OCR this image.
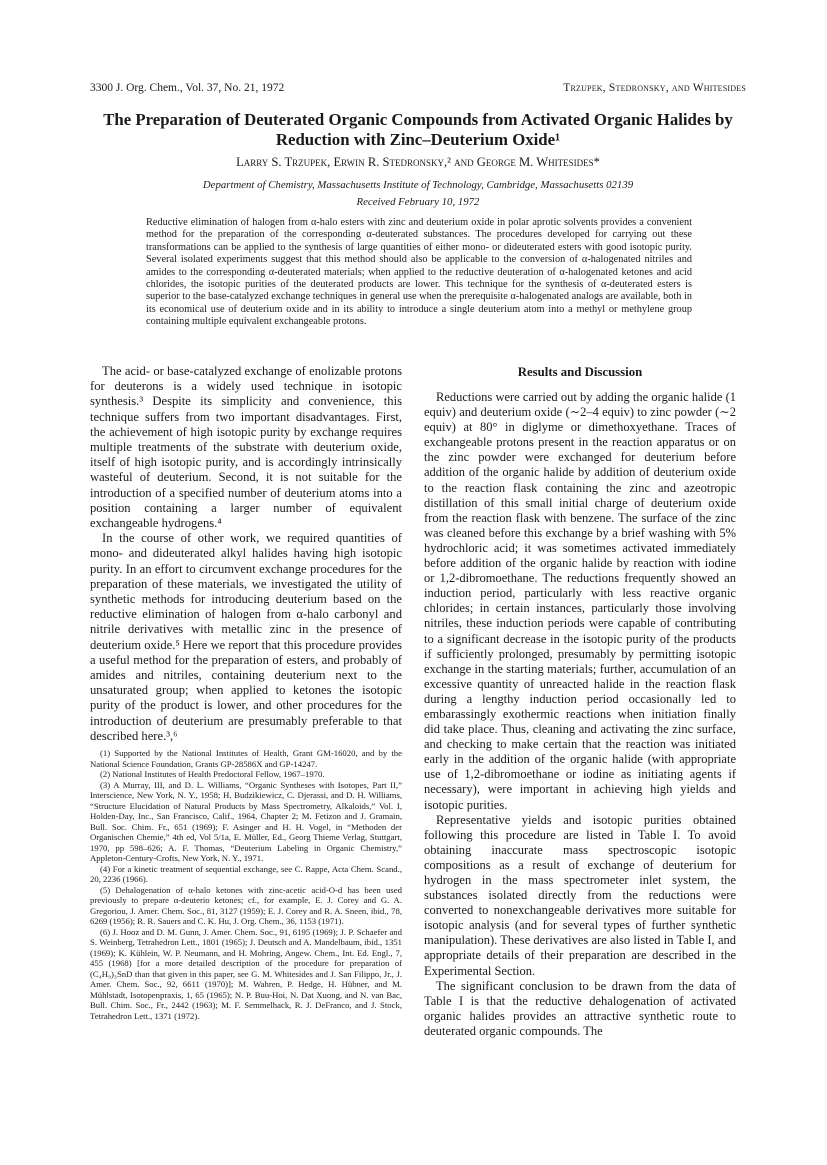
3300 J. Org. Chem., Vol. 37, No. 21, 1972	Trzupek, Stedronsky, and Whitesides
The Preparation of Deuterated Organic Compounds from Activated Organic Halides by Reduction with Zinc–Deuterium Oxide¹
Larry S. Trzupek, Erwin R. Stedronsky,² and George M. Whitesides*
Department of Chemistry, Massachusetts Institute of Technology, Cambridge, Massachusetts 02139
Received February 10, 1972
Reductive elimination of halogen from α-halo esters with zinc and deuterium oxide in polar aprotic solvents provides a convenient method for the preparation of the corresponding α-deuterated substances. The procedures developed for carrying out these transformations can be applied to the synthesis of large quantities of either mono- or dideuterated esters with good isotopic purity. Several isolated experiments suggest that this method should also be applicable to the conversion of α-halogenated nitriles and amides to the corresponding α-deuterated materials; when applied to the reductive deuteration of α-halogenated ketones and acid chlorides, the isotopic purities of the deuterated products are lower. This technique for the synthesis of α-deuterated esters is superior to the base-catalyzed exchange techniques in general use when the prerequisite α-halogenated analogs are available, both in its economical use of deuterium oxide and in its ability to introduce a single deuterium atom into a methyl or methylene group containing multiple equivalent exchangeable protons.

The acid- or base-catalyzed exchange of enolizable protons for deuterons is a widely used technique in isotopic synthesis.³ Despite its simplicity and convenience, this technique suffers from two important disadvantages. First, the achievement of high isotopic purity by exchange requires multiple treatments of the substrate with deuterium oxide, itself of high isotopic purity, and is accordingly intrinsically wasteful of deuterium. Second, it is not suitable for the introduction of a specified number of deuterium atoms into a position containing a larger number of equivalent exchangeable hydrogens.⁴

In the course of other work, we required quantities of mono- and dideuterated alkyl halides having high isotopic purity. In an effort to circumvent exchange procedures for the preparation of these materials, we investigated the utility of synthetic methods for introducing deuterium based on the reductive elimination of halogen from α-halo carbonyl and nitrile derivatives with metallic zinc in the presence of deuterium oxide.⁵ Here we report that this procedure provides a useful method for the preparation of esters, and probably of amides and nitriles, containing deuterium next to the unsaturated group; when applied to ketones the isotopic purity of the product is lower, and other procedures for the introduction of deuterium are presumably preferable to that described here.³,⁶

(1) Supported by the National Institutes of Health, Grant GM-16020, and by the National Science Foundation, Grants GP-28586X and GP-14247.

(2) National Institutes of Health Predoctoral Fellow, 1967–1970.

(3) A Murray, III, and D. L. Williams, “Organic Syntheses with Isotopes, Part II,” Interscience, New York, N. Y., 1958; H. Budzikiewicz, C. Djerassi, and D. H. Williams, “Structure Elucidation of Natural Products by Mass Spectrometry, Alkaloids,” Vol. I, Holden-Day, Inc., San Francisco, Calif., 1964, Chapter 2; M. Fetizon and J. Gramain, Bull. Soc. Chim. Fr., 651 (1969); F. Asinger and H. H. Vogel, in “Methoden der Organischen Chemie,” 4th ed, Vol 5/1a, E. Müller, Ed., Georg Thieme Verlag, Stuttgart, 1970, pp 598–626; A. F. Thomas, “Deuterium Labeling in Organic Chemistry,” Appleton-Century-Crofts, New York, N. Y., 1971.

(4) For a kinetic treatment of sequential exchange, see C. Rappe, Acta Chem. Scand., 20, 2236 (1966).

(5) Dehalogenation of α-halo ketones with zinc-acetic acid-O-d has been used previously to prepare α-deuterio ketones; cf., for example, E. J. Corey and G. A. Gregoriou, J. Amer. Chem. Soc., 81, 3127 (1959); E. J. Corey and R. A. Sneen, ibid., 78, 6269 (1956); R. R. Sauers and C. K. Hu, J. Org. Chem., 36, 1153 (1971).

(6) J. Hooz and D. M. Gunn, J. Amer. Chem. Soc., 91, 6195 (1969); J. P. Schaefer and S. Weinberg, Tetrahedron Lett., 1801 (1965); J. Deutsch and A. Mandelbaum, ibid., 1351 (1969); K. Kühlein, W. P. Neumann, and H. Mohring, Angew. Chem., Int. Ed. Engl., 7, 455 (1968) [for a more detailed description of the procedure for preparation of (C₄H₉)₃SnD than that given in this paper, see G. M. Whitesides and J. San Filippo, Jr., J. Amer. Chem. Soc., 92, 6611 (1970)]; M. Wahren, P. Hedge, H. Hübner, and M. Mühlstadt, Isotopenpraxis, 1, 65 (1965); N. P. Buu-Hoi, N. Dat Xuong, and N. van Bac, Bull. Chim. Soc., Fr., 2442 (1963); M. F. Semmelhack, R. J. DeFranco, and J. Stock, Tetrahedron Lett., 1371 (1972).

Results and Discussion

Reductions were carried out by adding the organic halide (1 equiv) and deuterium oxide (∼2–4 equiv) to zinc powder (∼2 equiv) at 80° in diglyme or dimethoxyethane. Traces of exchangeable protons present in the reaction apparatus or on the zinc powder were exchanged for deuterium before addition of the organic halide by addition of deuterium oxide to the reaction flask containing the zinc and azeotropic distillation of this small initial charge of deuterium oxide from the reaction flask with benzene. The surface of the zinc was cleaned before this exchange by a brief washing with 5% hydrochloric acid; it was sometimes activated immediately before addition of the organic halide by reaction with iodine or 1,2-dibromoethane. The reductions frequently showed an induction period, particularly with less reactive organic chlorides; in certain instances, particularly those involving nitriles, these induction periods were capable of contributing to a significant decrease in the isotopic purity of the products if sufficiently prolonged, presumably by permitting isotopic exchange in the starting materials; further, accumulation of an excessive quantity of unreacted halide in the reaction flask during a lengthy induction period occasionally led to embarassingly exothermic reactions when initiation finally did take place. Thus, cleaning and activating the zinc surface, and checking to make certain that the reaction was initiated early in the addition of the organic halide (with appropriate use of 1,2-dibromoethane or iodine as initiating agents if necessary), were important in achieving high yields and isotopic purities.

Representative yields and isotopic purities obtained following this procedure are listed in Table I. To avoid obtaining inaccurate mass spectroscopic isotopic compositions as a result of exchange of deuterium for hydrogen in the mass spectrometer inlet system, the substances isolated directly from the reductions were converted to nonexchangeable derivatives more suitable for isotopic analysis (and for several types of further synthetic manipulation). These derivatives are also listed in Table I, and appropriate details of their preparation are described in the Experimental Section.

The significant conclusion to be drawn from the data of Table I is that the reductive dehalogenation of activated organic halides provides an attractive synthetic route to deuterated organic compounds. The
